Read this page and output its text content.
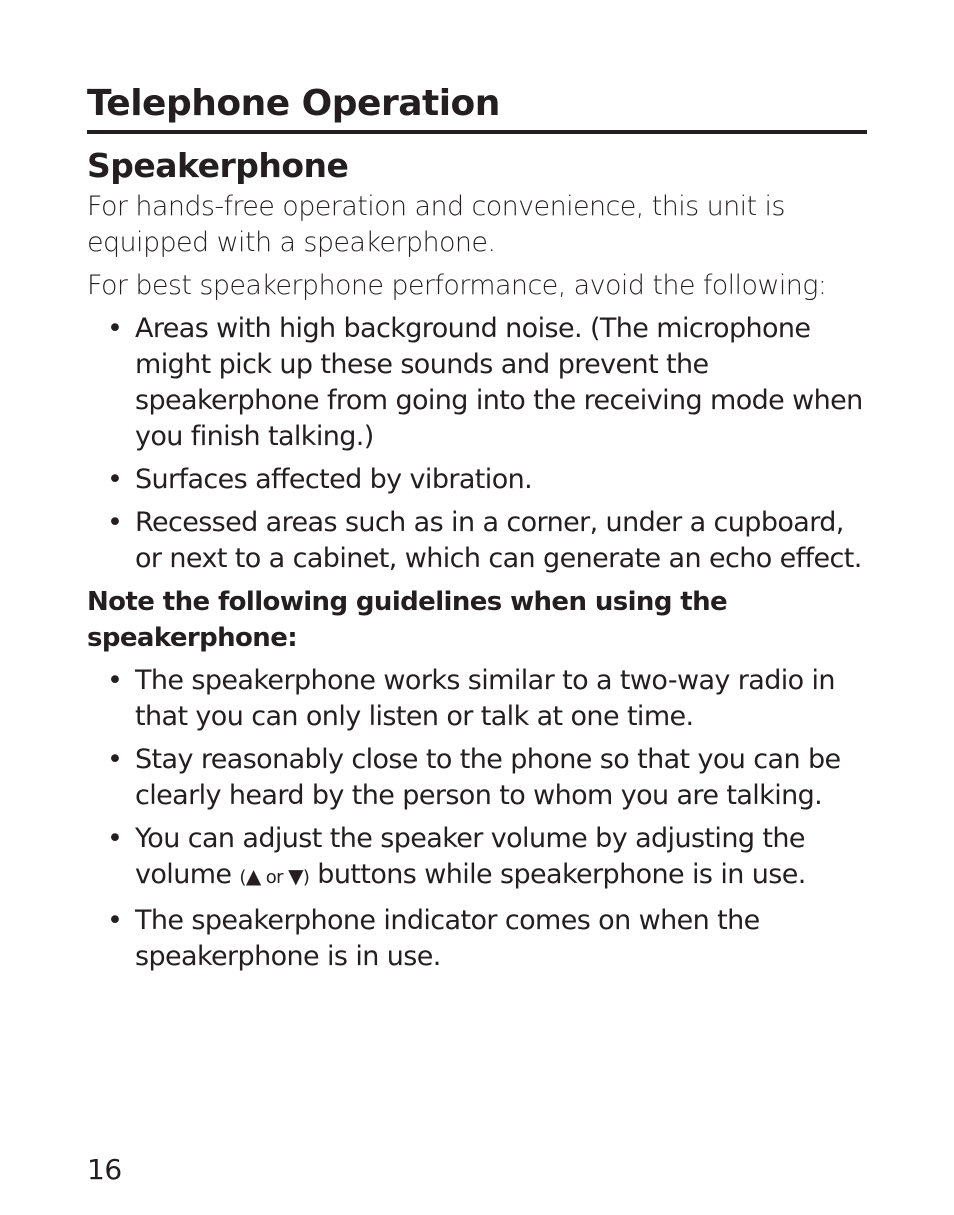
Telephone Operation
Speakerphone

For hands-free operation and convenience, this unit is equipped with a speakerphone.

For best speakerphone performance, avoid the following:

• Areas with high background noise. (The microphone might pick up these sounds and prevent the speakerphone from going into the receiving mode when you finish talking.)
• Surfaces affected by vibration.
• Recessed areas such as in a corner, under a cupboard, or next to a cabinet, which can generate an echo effect.

Note the following guidelines when using the speakerphone:

• The speakerphone works similar to a two-way radio in that you can only listen or talk at one time.
• Stay reasonably close to the phone so that you can be clearly heard by the person to whom you are talking.
• You can adjust the speaker volume by adjusting the volume (▲ or ▼) buttons while speakerphone is in use.
• The speakerphone indicator comes on when the speakerphone is in use.
16
